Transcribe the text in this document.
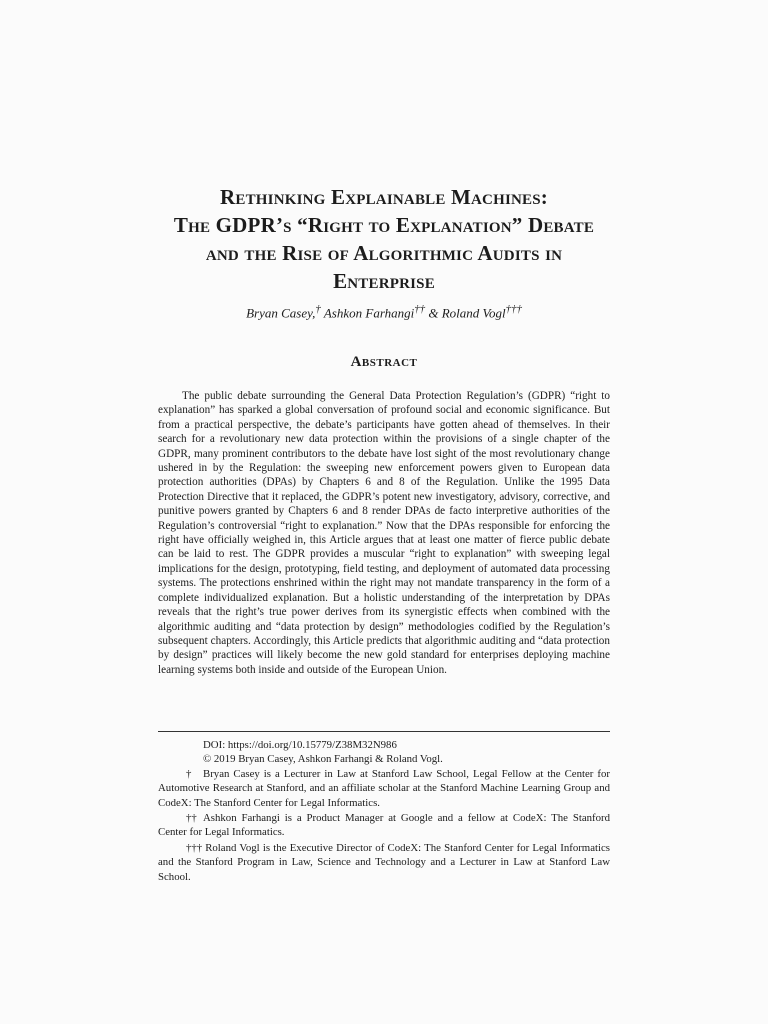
Rethinking Explainable Machines:
The GDPR’s “Right to Explanation” Debate
and the Rise of Algorithmic Audits in
Enterprise
Bryan Casey,† Ashkon Farhangi†† & Roland Vogl†††
Abstract

The public debate surrounding the General Data Protection Regulation’s (GDPR) “right to explanation” has sparked a global conversation of profound social and economic significance. But from a practical perspective, the debate’s participants have gotten ahead of themselves. In their search for a revolutionary new data protection within the provisions of a single chapter of the GDPR, many prominent contributors to the debate have lost sight of the most revolutionary change ushered in by the Regulation: the sweeping new enforcement powers given to European data protection authorities (DPAs) by Chapters 6 and 8 of the Regulation. Unlike the 1995 Data Protection Directive that it replaced, the GDPR’s potent new investigatory, advisory, corrective, and punitive powers granted by Chapters 6 and 8 render DPAs de facto interpretive authorities of the Regulation’s controversial “right to explanation.” Now that the DPAs responsible for enforcing the right have officially weighed in, this Article argues that at least one matter of fierce public debate can be laid to rest. The GDPR provides a muscular “right to explanation” with sweeping legal implications for the design, prototyping, field testing, and deployment of automated data processing systems. The protections enshrined within the right may not mandate transparency in the form of a complete individualized explanation. But a holistic understanding of the interpretation by DPAs reveals that the right’s true power derives from its synergistic effects when combined with the algorithmic auditing and “data protection by design” methodologies codified by the Regulation’s subsequent chapters. Accordingly, this Article predicts that algorithmic auditing and “data protection by design” practices will likely become the new gold standard for enterprises deploying machine learning systems both inside and outside of the European Union.

DOI: https://doi.org/10.15779/Z38M32N986

© 2019 Bryan Casey, Ashkon Farhangi & Roland Vogl.

† Bryan Casey is a Lecturer in Law at Stanford Law School, Legal Fellow at the Center for Automotive Research at Stanford, and an affiliate scholar at the Stanford Machine Learning Group and CodeX: The Stanford Center for Legal Informatics.

†† Ashkon Farhangi is a Product Manager at Google and a fellow at CodeX: The Stanford Center for Legal Informatics.

††† Roland Vogl is the Executive Director of CodeX: The Stanford Center for Legal Informatics and the Stanford Program in Law, Science and Technology and a Lecturer in Law at Stanford Law School.
